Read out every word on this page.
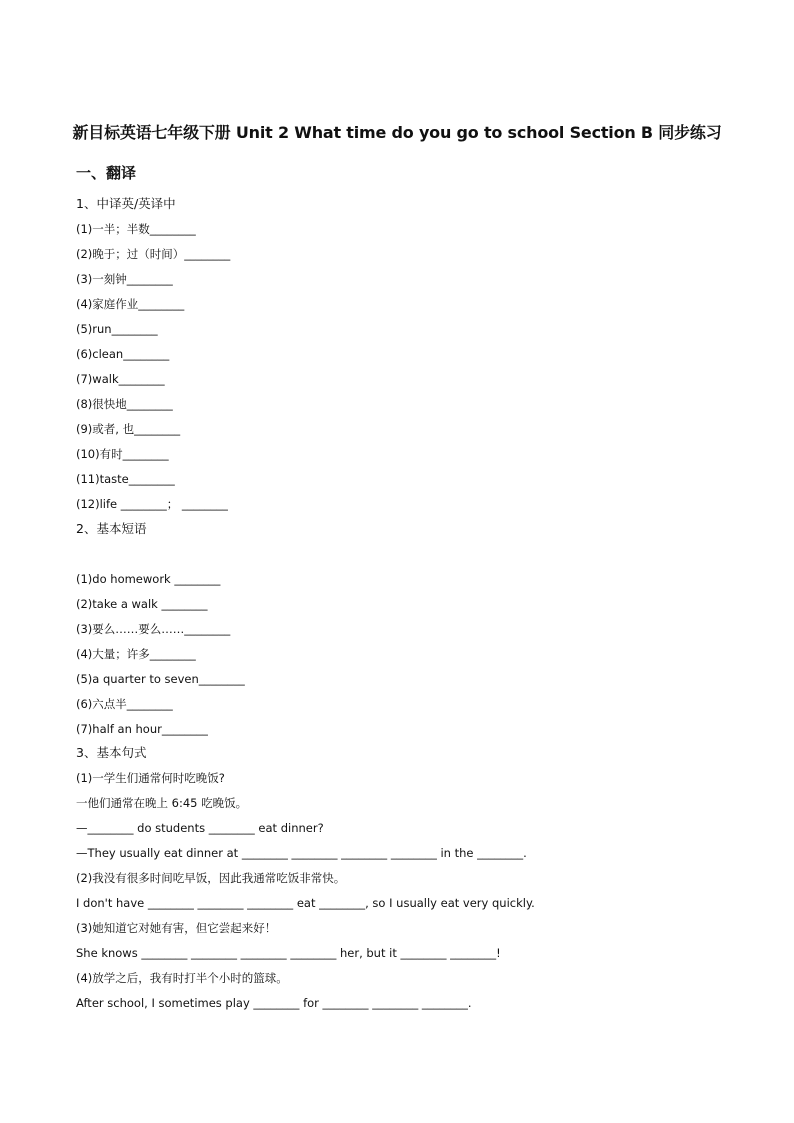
新目标英语七年级下册 Unit 2 What time do you go to school Section B 同步练习
一、翻译
1、中译英/英译中
(1)一半；半数________
(2)晚于；过（时间）________
(3)一刻钟________
(4)家庭作业________
(5)run________
(6)clean________
(7)walk________
(8)很快地________
(9)或者, 也________
(10)有时________
(11)taste________
(12)life ________； ________
2、基本短语
(1)do homework ________
(2)take a walk ________
(3)要么……要么……________
(4)大量；许多________
(5)a quarter to seven________
(6)六点半________
(7)half an hour________
3、基本句式
(1)一学生们通常何时吃晚饭?
一他们通常在晚上 6:45 吃晚饭。
—________ do students ________ eat dinner?
—They usually eat dinner at ________ ________ ________ ________ in the ________.
(2)我没有很多时间吃早饭，因此我通常吃饭非常快。
I don't have ________ ________ ________ eat ________, so I usually eat very quickly.
(3)她知道它对她有害，但它尝起来好！
She knows ________ ________ ________ ________ her, but it ________ ________!
(4)放学之后，我有时打半个小时的篮球。
After school, I sometimes play ________ for ________ ________ ________.
